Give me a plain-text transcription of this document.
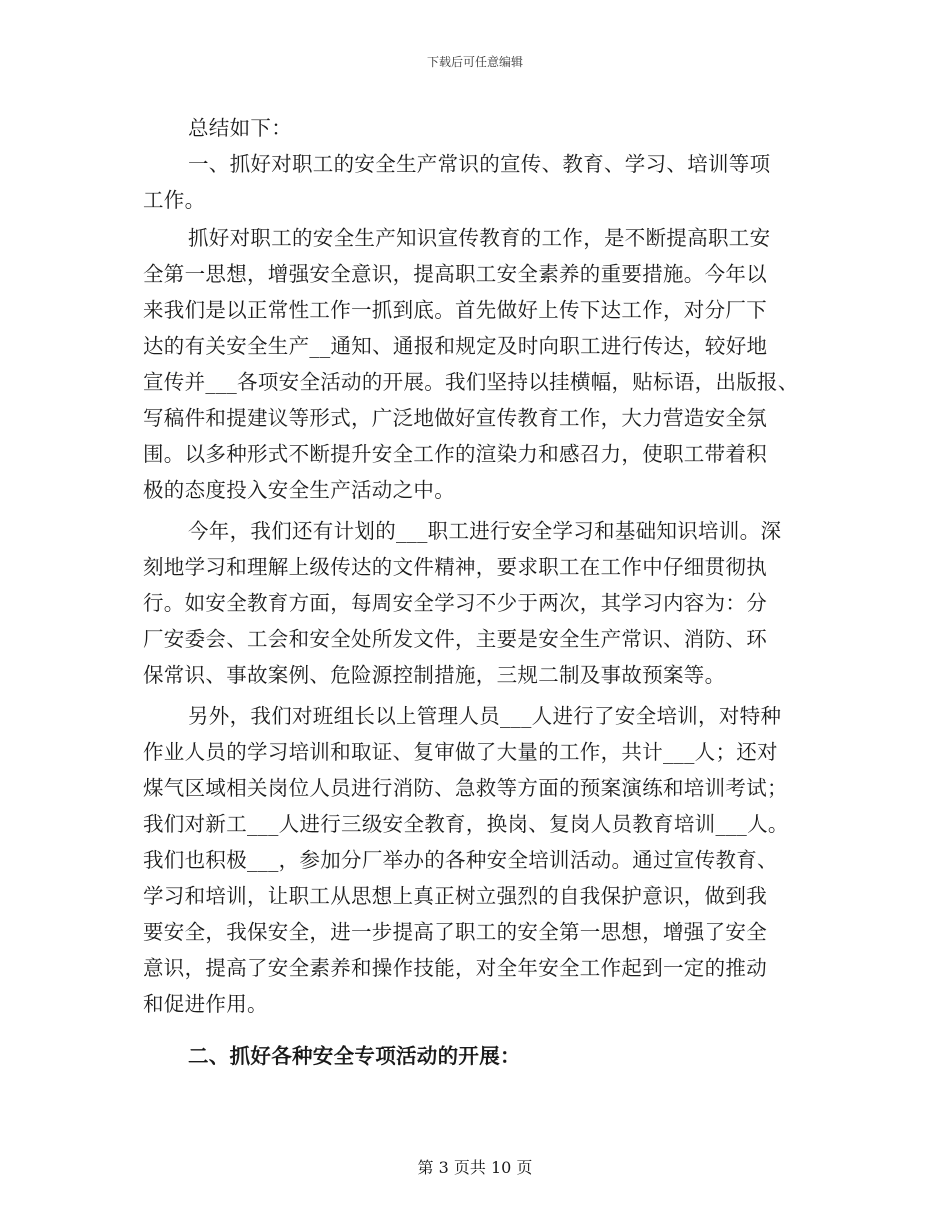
下载后可任意编辑
总结如下：
一、抓好对职工的安全生产常识的宣传、教育、学习、培训等项
工作。
抓好对职工的安全生产知识宣传教育的工作，是不断提高职工安
全第一思想，增强安全意识，提高职工安全素养的重要措施。今年以
来我们是以正常性工作一抓到底。首先做好上传下达工作，对分厂下
达的有关安全生产__通知、通报和规定及时向职工进行传达，较好地
宣传并___各项安全活动的开展。我们坚持以挂横幅，贴标语，出版报、
写稿件和提建议等形式，广泛地做好宣传教育工作，大力营造安全氛
围。以多种形式不断提升安全工作的渲染力和感召力，使职工带着积
极的态度投入安全生产活动之中。
今年，我们还有计划的___职工进行安全学习和基础知识培训。深
刻地学习和理解上级传达的文件精神，要求职工在工作中仔细贯彻执
行。如安全教育方面，每周安全学习不少于两次，其学习内容为：分
厂安委会、工会和安全处所发文件，主要是安全生产常识、消防、环
保常识、事故案例、危险源控制措施，三规二制及事故预案等。
另外，我们对班组长以上管理人员___人进行了安全培训，对特种
作业人员的学习培训和取证、复审做了大量的工作，共计___人；还对
煤气区域相关岗位人员进行消防、急救等方面的预案演练和培训考试；
我们对新工___人进行三级安全教育，换岗、复岗人员教育培训___人。
我们也积极___，参加分厂举办的各种安全培训活动。通过宣传教育、
学习和培训，让职工从思想上真正树立强烈的自我保护意识，做到我
要安全，我保安全，进一步提高了职工的安全第一思想，增强了安全
意识，提高了安全素养和操作技能，对全年安全工作起到一定的推动
和促进作用。
二、抓好各种安全专项活动的开展：
第 3 页共 10 页
